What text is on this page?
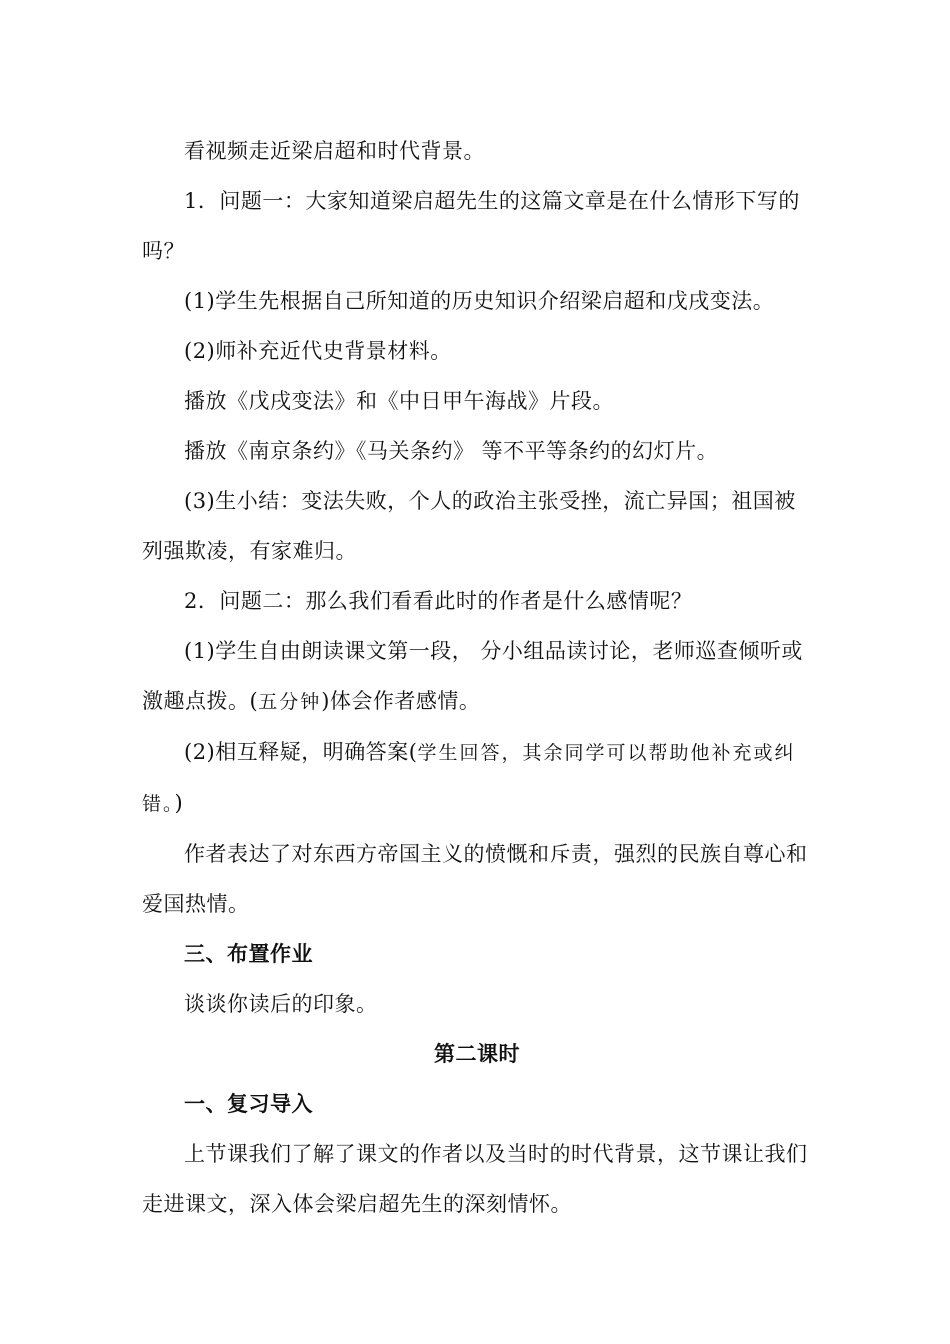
看视频走近梁启超和时代背景。

1．问题一：大家知道梁启超先生的这篇文章是在什么情形下写的吗？

(1)学生先根据自己所知道的历史知识介绍梁启超和戊戌变法。

(2)师补充近代史背景材料。

播放《戊戌变法》和《中日甲午海战》片段。

播放《南京条约》《马关条约》 等不平等条约的幻灯片。

(3)生小结：变法失败，个人的政治主张受挫，流亡异国；祖国被列强欺凌，有家难归。

2．问题二：那么我们看看此时的作者是什么感情呢？

(1)学生自由朗读课文第一段， 分小组品读讨论，老师巡查倾听或激趣点拨。(五分钟)体会作者感情。

(2)相互释疑，明确答案(学生回答，其余同学可以帮助他补充或纠错。)

作者表达了对东西方帝国主义的愤慨和斥责，强烈的民族自尊心和爱国热情。

三、布置作业

谈谈你读后的印象。

第二课时

一、复习导入

上节课我们了解了课文的作者以及当时的时代背景，这节课让我们走进课文，深入体会梁启超先生的深刻情怀。
